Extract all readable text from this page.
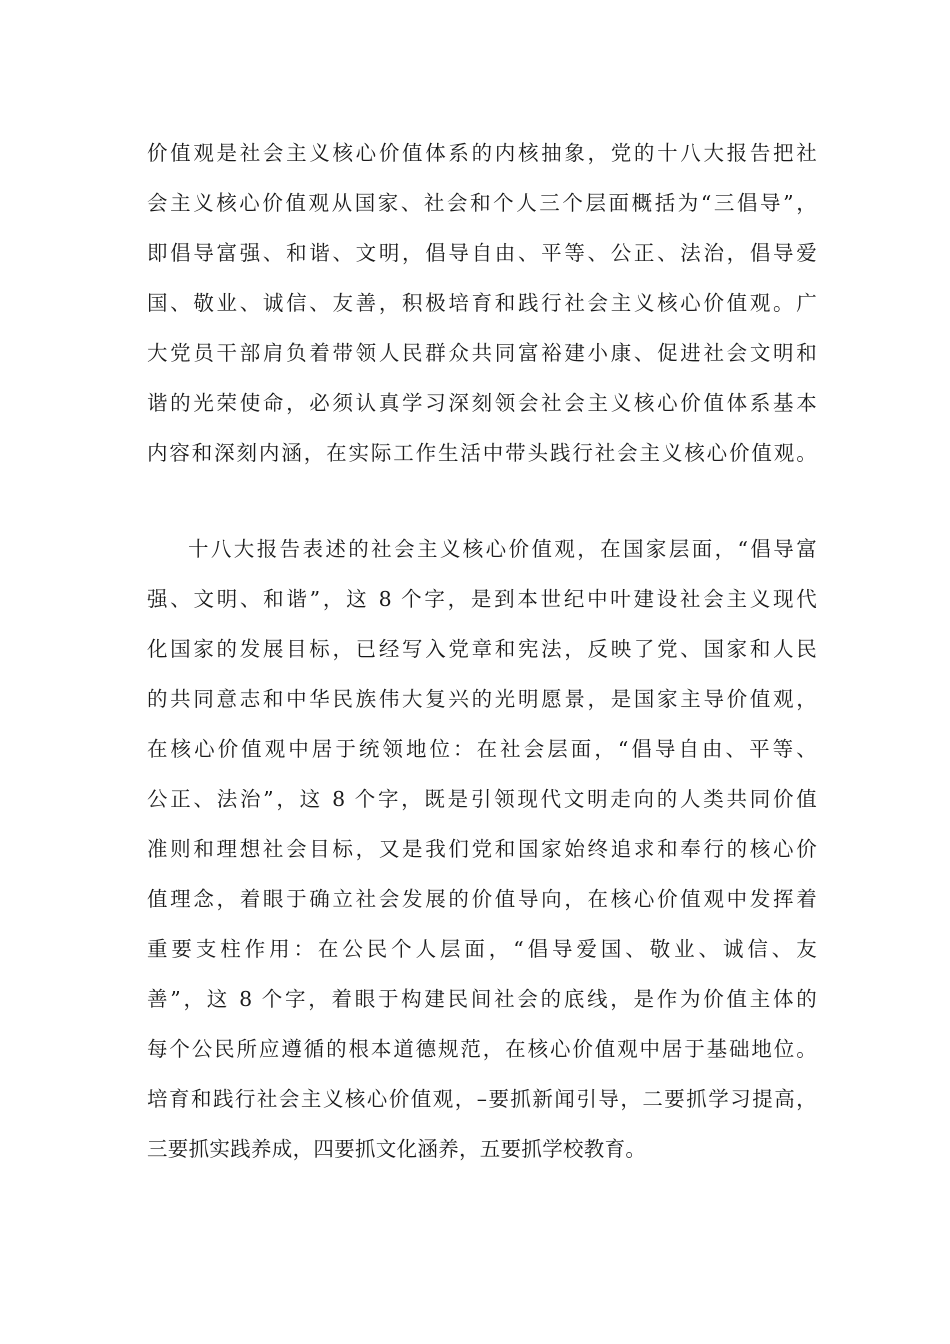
价值观是社会主义核心价值体系的内核抽象，党的十八大报告把社
会主义核心价值观从国家、社会和个人三个层面概括为“三倡导”，
即倡导富强、和谐、文明，倡导自由、平等、公正、法治，倡导爱
国、敬业、诚信、友善，积极培育和践行社会主义核心价值观。广
大党员干部肩负着带领人民群众共同富裕建小康、促进社会文明和
谐的光荣使命，必须认真学习深刻领会社会主义核心价值体系基本
内容和深刻内涵，在实际工作生活中带头践行社会主义核心价值观。
十八大报告表述的社会主义核心价值观，在国家层面，“倡导富
强、文明、和谐”，这 8 个字，是到本世纪中叶建设社会主义现代
化国家的发展目标，已经写入党章和宪法，反映了党、国家和人民
的共同意志和中华民族伟大复兴的光明愿景，是国家主导价值观，
在核心价值观中居于统领地位：在社会层面，“倡导自由、平等、
公正、法治”，这 8 个字，既是引领现代文明走向的人类共同价值
准则和理想社会目标，又是我们党和国家始终追求和奉行的核心价
值理念，着眼于确立社会发展的价值导向，在核心价值观中发挥着
重要支柱作用：在公民个人层面，“倡导爱国、敬业、诚信、友
善”，这 8 个字，着眼于构建民间社会的底线，是作为价值主体的
每个公民所应遵循的根本道德规范，在核心价值观中居于基础地位。
培育和践行社会主义核心价值观，–要抓新闻引导，二要抓学习提高，
三要抓实践养成，四要抓文化涵养，五要抓学校教育。
